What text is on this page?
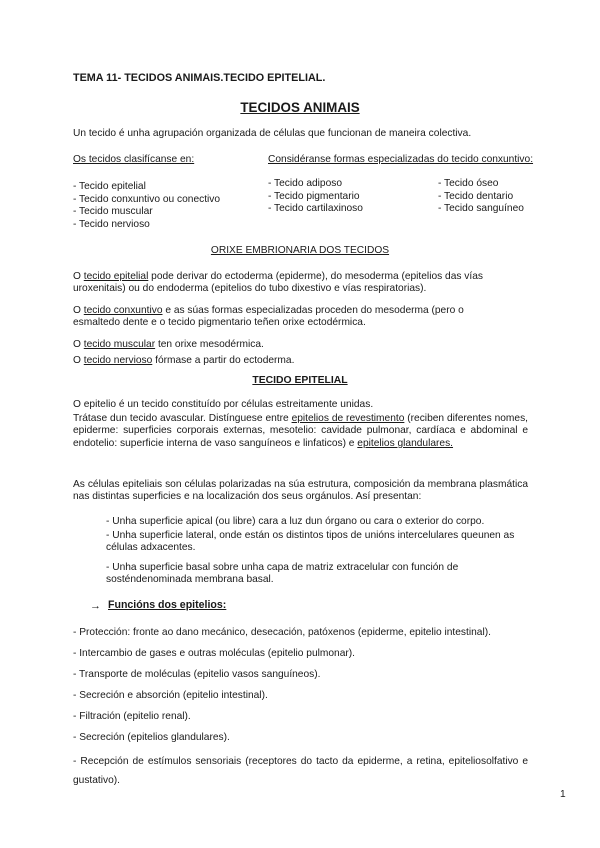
TEMA 11- TECIDOS ANIMAIS.TECIDO EPITELIAL.
TECIDOS ANIMAIS
Un tecido é unha agrupación organizada de células que funcionan de maneira colectiva.
Os tecidos clasifícanse en:	Considéranse formas especializadas do tecido conxuntivo:
- Tecido epitelial
- Tecido conxuntivo ou conectivo
- Tecido muscular
- Tecido nervioso
- Tecido adiposo
- Tecido pigmentario
- Tecido cartilaxinoso
- Tecido óseo
- Tecido dentario
- Tecido sanguíneo
ORIXE EMBRIONARIA DOS TECIDOS
O tecido epitelial pode derivar do ectoderma (epiderme), do mesoderma (epitelios das vías uroxenitais) ou do endoderma (epitelios do tubo dixestivo e vías respiratorias).
O tecido conxuntivo e as súas formas especializadas proceden do mesoderma (pero o esmaltedo dente e o tecido pigmentario teñen orixe ectodérmica.
O tecido muscular ten orixe mesodérmica.
O tecido nervioso fórmase a partir do ectoderma.
TECIDO EPITELIAL
O epitelio é un tecido constituído por células estreitamente unidas.
Trátase dun tecido avascular. Distínguese entre epitelios de revestimento (reciben diferentes nomes, epiderme: superficies corporais externas, mesotelio: cavidade pulmonar, cardíaca e abdominal e endotelio: superficie interna de vaso sanguíneos e linfaticos) e epitelios glandulares.
As células epiteliais son células polarizadas na súa estrutura, composición da membrana plasmática nas distintas superficies e na localización dos seus orgánulos. Así presentan:
- Unha superficie apical (ou libre) cara a luz dun órgano ou cara o exterior do corpo.
- Unha superficie lateral, onde están os distintos tipos de unións intercelulares queunen as células adxacentes.
- Unha superficie basal sobre unha capa de matriz extracelular con función de sosténdenominada membrana basal.
→ Funcións dos epitelios:
- Protección: fronte ao dano mecánico, desecación, patóxenos (epiderme, epitelio intestinal).
- Intercambio de gases e outras moléculas (epitelio pulmonar).
- Transporte de moléculas (epitelio vasos sanguíneos).
- Secreción e absorción (epitelio intestinal).
- Filtración (epitelio renal).
- Secreción (epitelios glandulares).
- Recepción de estímulos sensoriais (receptores do tacto da epiderme, a retina, epiteliosolfativo e gustativo).
1
